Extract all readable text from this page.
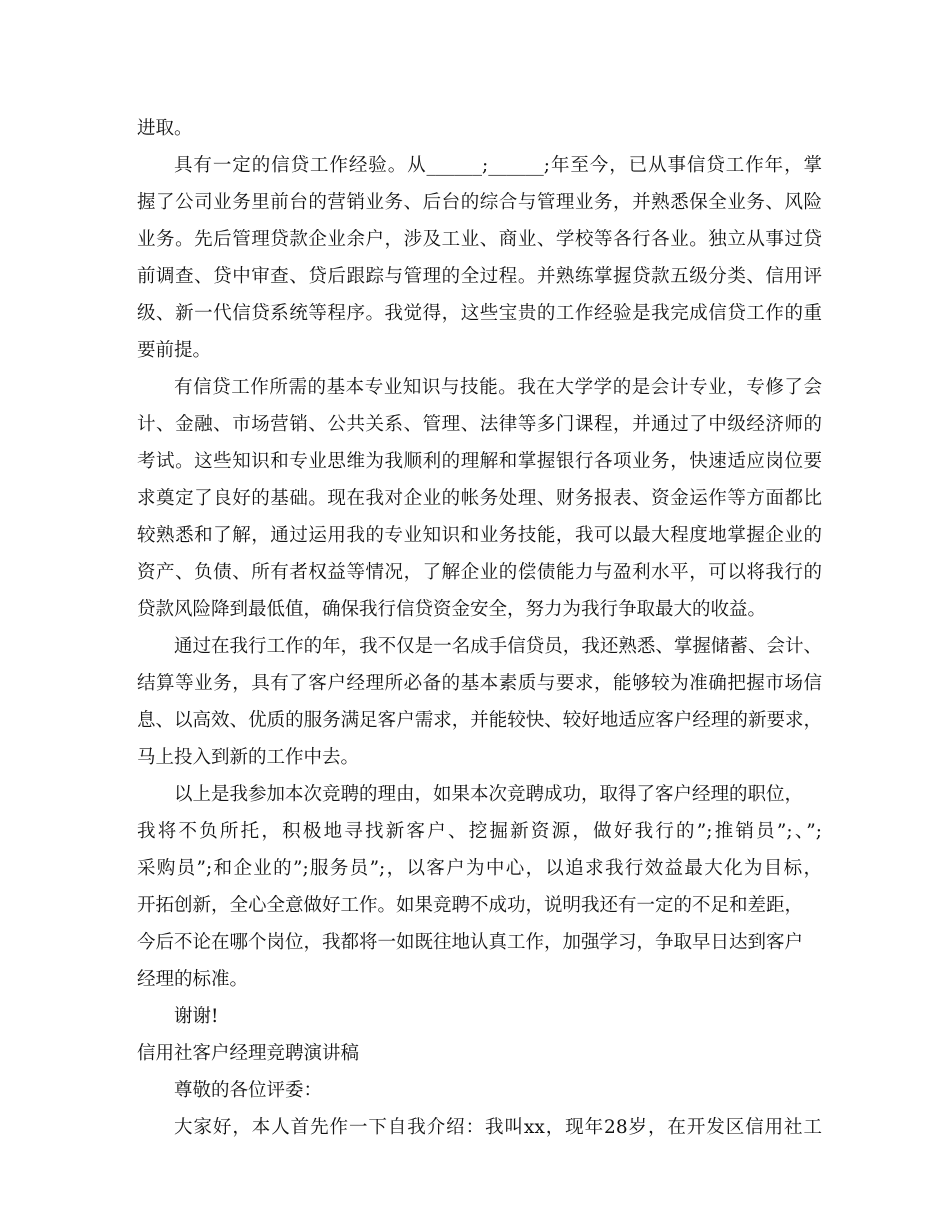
进取。
具有一定的信贷工作经验。从______;______;年至今，已从事信贷工作年，掌
握了公司业务里前台的营销业务、后台的综合与管理业务，并熟悉保全业务、风险
业务。先后管理贷款企业余户，涉及工业、商业、学校等各行各业。独立从事过贷
前调查、贷中审查、贷后跟踪与管理的全过程。并熟练掌握贷款五级分类、信用评
级、新一代信贷系统等程序。我觉得，这些宝贵的工作经验是我完成信贷工作的重
要前提。
有信贷工作所需的基本专业知识与技能。我在大学学的是会计专业，专修了会
计、金融、市场营销、公共关系、管理、法律等多门课程，并通过了中级经济师的
考试。这些知识和专业思维为我顺利的理解和掌握银行各项业务，快速适应岗位要
求奠定了良好的基础。现在我对企业的帐务处理、财务报表、资金运作等方面都比
较熟悉和了解，通过运用我的专业知识和业务技能，我可以最大程度地掌握企业的
资产、负债、所有者权益等情况，了解企业的偿债能力与盈利水平，可以将我行的
贷款风险降到最低值，确保我行信贷资金安全，努力为我行争取最大的收益。
通过在我行工作的年，我不仅是一名成手信贷员，我还熟悉、掌握储蓄、会计、
结算等业务，具有了客户经理所必备的基本素质与要求，能够较为准确把握市场信
息、以高效、优质的服务满足客户需求，并能较快、较好地适应客户经理的新要求，
马上投入到新的工作中去。
以上是我参加本次竞聘的理由，如果本次竞聘成功，取得了客户经理的职位，
我将不负所托，积极地寻找新客户、挖掘新资源，做好我行的”;推销员”;、”;
采购员”;和企业的”;服务员”;，以客户为中心，以追求我行效益最大化为目标，
开拓创新，全心全意做好工作。如果竞聘不成功，说明我还有一定的不足和差距，
今后不论在哪个岗位，我都将一如既往地认真工作，加强学习，争取早日达到客户
经理的标准。
谢谢!
信用社客户经理竞聘演讲稿
尊敬的各位评委：
大家好，本人首先作一下自我介绍：我叫xx，现年28岁，在开发区信用社工
